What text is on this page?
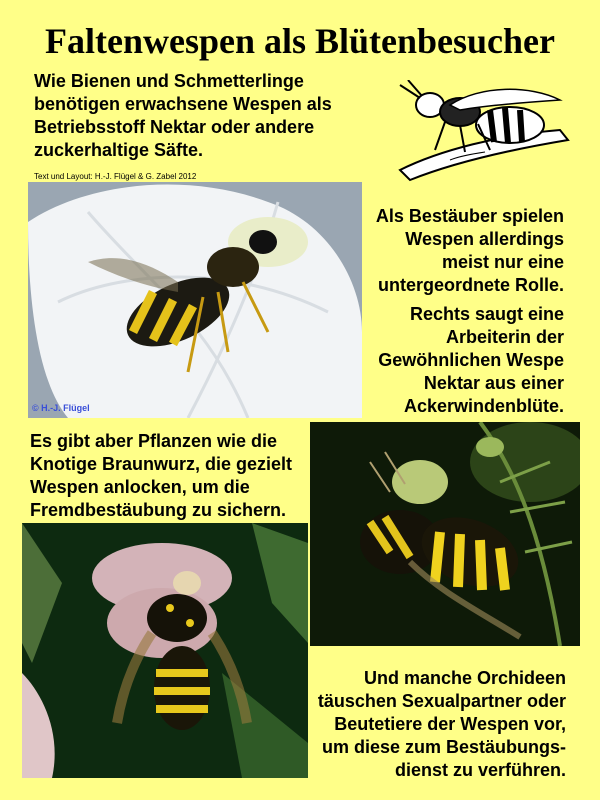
Faltenwespen als Blütenbesucher
Wie Bienen und Schmetterlinge
benötigen erwachsene Wespen als
Betriebsstoff Nektar oder andere
zuckerhaltige Säfte.
Text und Layout: H.-J. Flügel & G. Zabel 2012
© H.-J. Flügel
Als Bestäuber spielen
Wespen allerdings
meist nur eine
untergeordnete Rolle.
Rechts saugt eine
Arbeiterin der
Gewöhnlichen Wespe
Nektar aus einer
Ackerwindenblüte.
Es gibt aber Pflanzen wie die
Knotige Braunwurz, die gezielt
Wespen anlocken, um die
Fremdbestäubung zu sichern.
Und manche Orchideen
täuschen Sexualpartner oder
Beutetiere der Wespen vor,
um diese zum Bestäubungs-
dienst zu verführen.
